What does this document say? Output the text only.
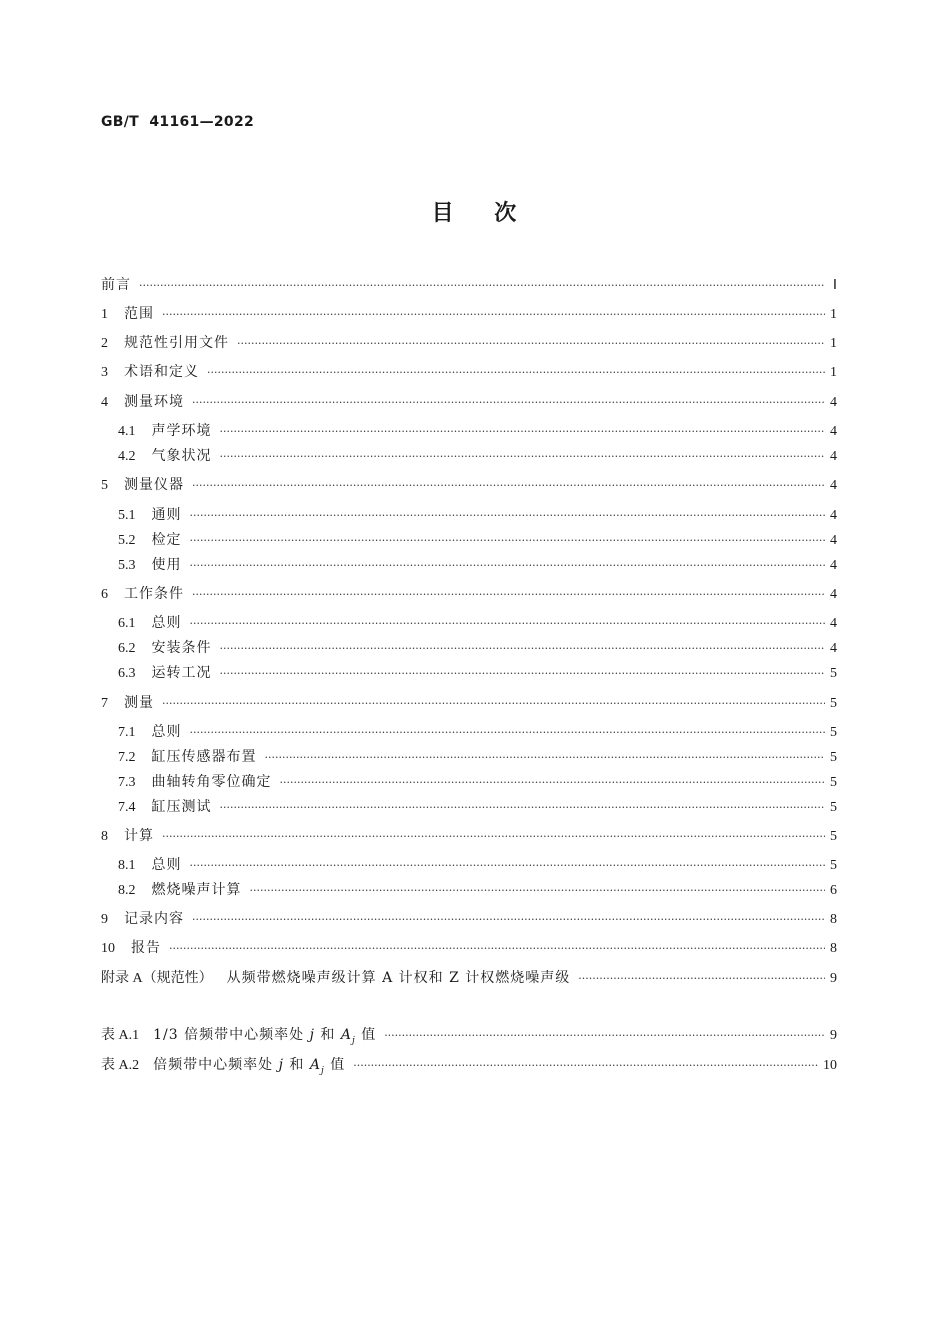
GB/T  41161—2022
目    次
前言 ·····	Ⅰ
1 范围 ·····	1
2 规范性引用文件 ·····	1
3 术语和定义 ·····	1
4 测量环境 ·····	4
4.1 声学环境 ·····	4
4.2 气象状况 ·····	4
5 测量仪器 ·····	4
5.1 通则 ·····	4
5.2 检定 ·····	4
5.3 使用 ·····	4
6 工作条件 ·····	4
6.1 总则 ·····	4
6.2 安装条件 ·····	4
6.3 运转工况 ·····	5
7 测量 ·····	5
7.1 总则 ·····	5
7.2 缸压传感器布置 ·····	5
7.3 曲轴转角零位确定 ·····	5
7.4 缸压测试 ·····	5
8 计算 ·····	5
8.1 总则 ·····	5
8.2 燃烧噪声计算 ·····	6
9 记录内容 ·····	8
10 报告 ·····	8
附录 A（规范性） 从频带燃烧噪声级计算 A 计权和 Z 计权燃烧噪声级 ·····	9
表 A.1 1/3 倍频带中心频率处 j 和 $A_j$ 值 ·····	9
表 A.2 倍频带中心频率处 j 和 $A_j$ 值 ·····	10
